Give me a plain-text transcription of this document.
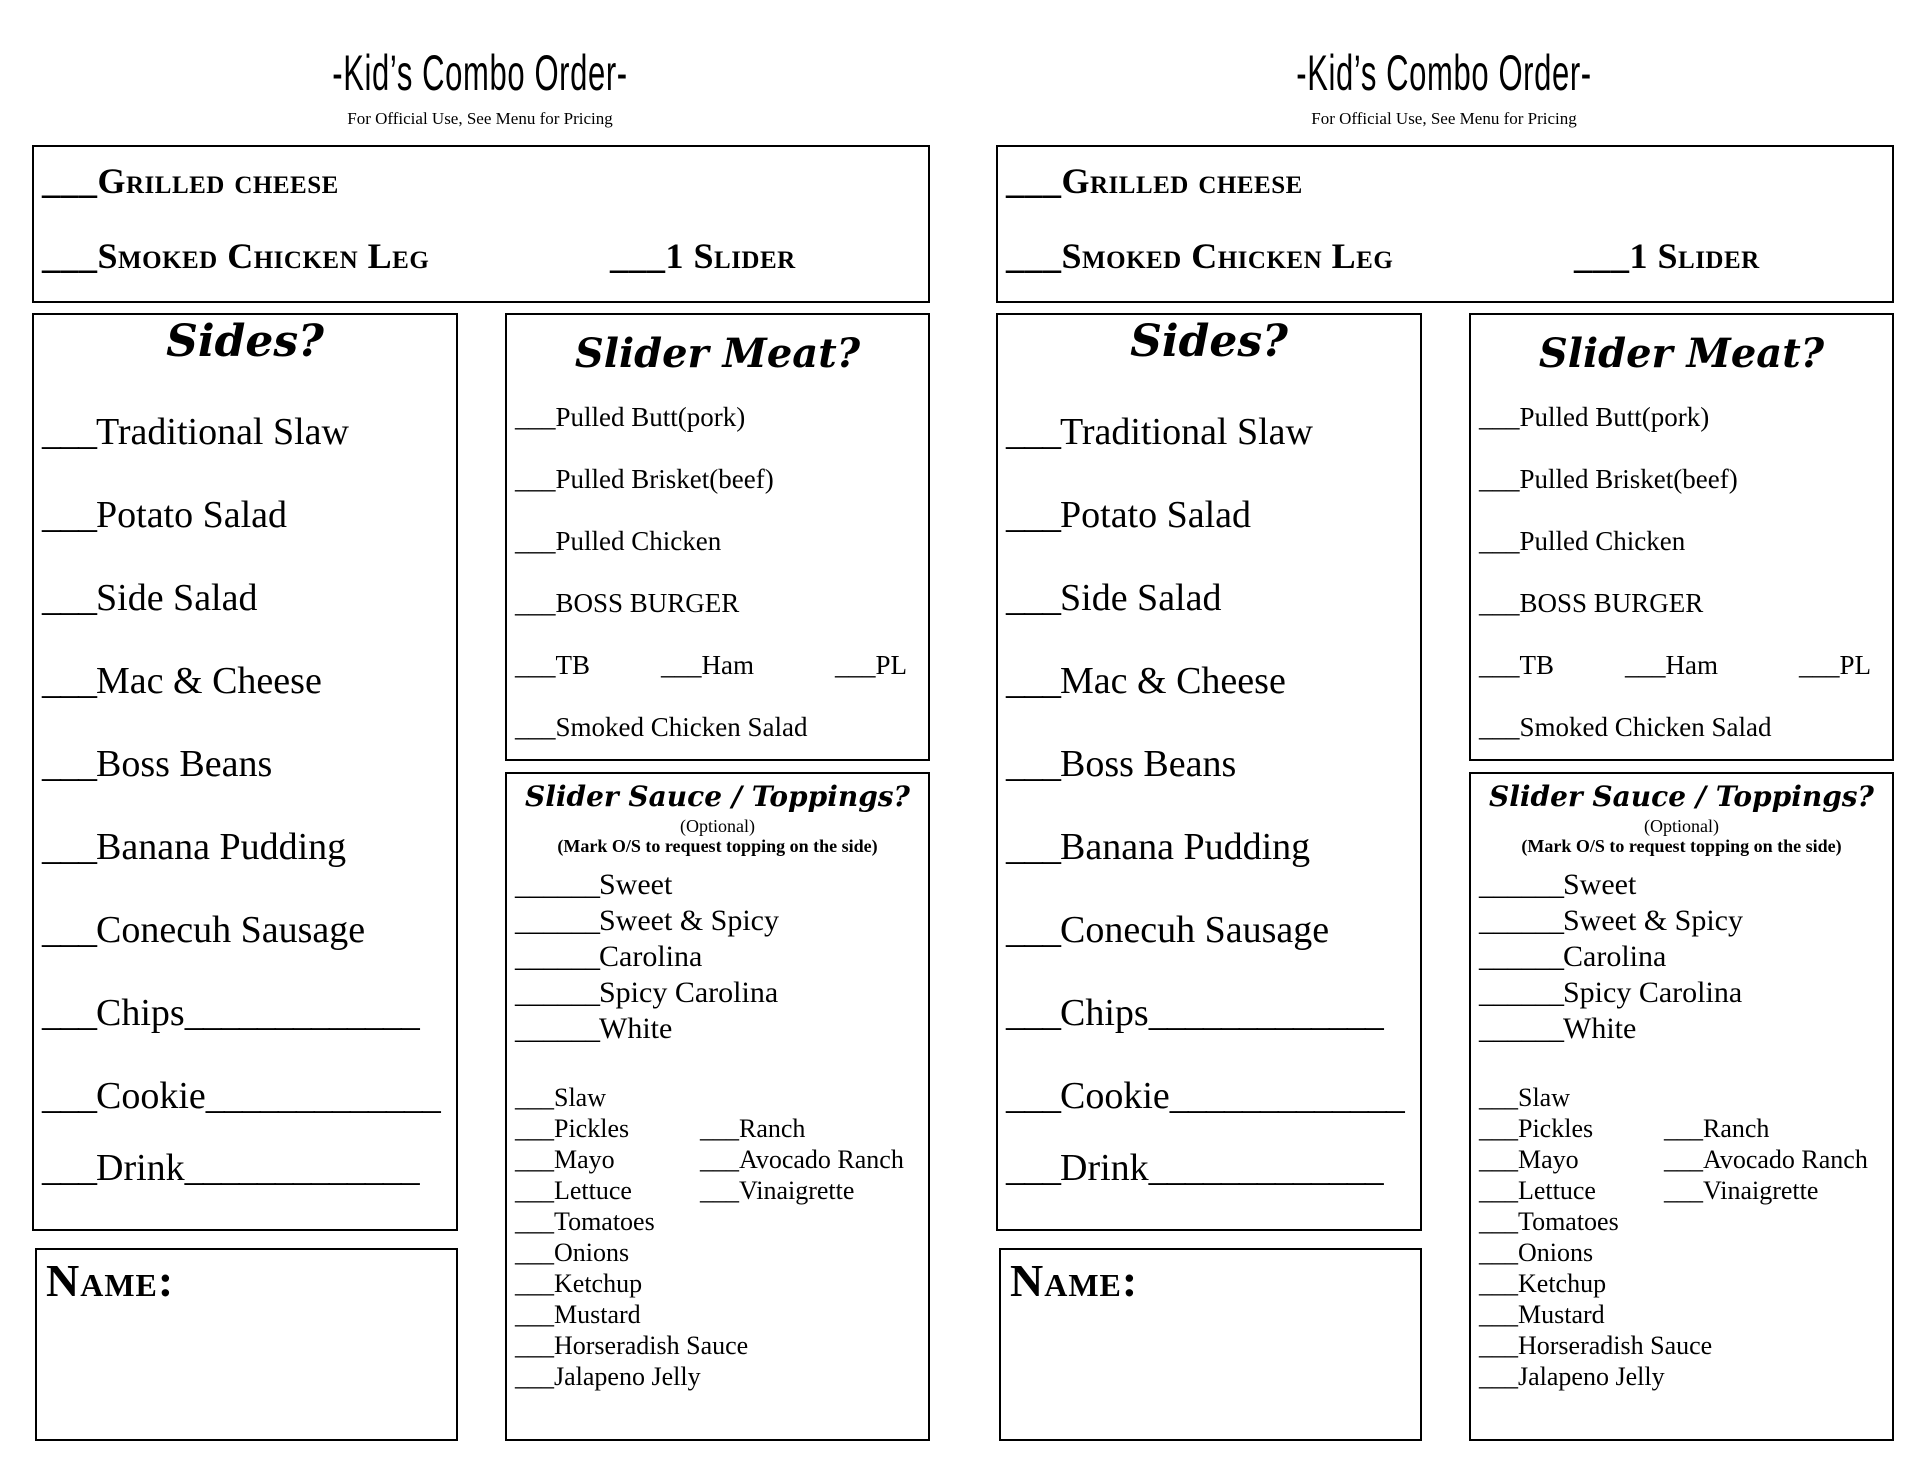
-Kid’s Combo Order-
For Official Use, See Menu for Pricing
___Grilled cheese
___Smoked Chicken Leg	___1 Slider
Sides?
___Traditional Slaw
___Potato Salad
___Side Salad
___Mac & Cheese
___Boss Beans
___Banana Pudding
___Conecuh Sausage
___Chips_____________
___Cookie_____________
___Drink_____________
Slider Meat?
___Pulled Butt(pork)
___Pulled Brisket(beef)
___Pulled Chicken
___BOSS BURGER
___TB	___Ham	___PL
___Smoked Chicken Salad
Slider Sauce / Toppings?
(Optional)
(Mark O/S to request topping on the side)
______Sweet
______Sweet & Spicy
______Carolina
______Spicy Carolina
______White
___Slaw
___Pickles
___Mayo
___Lettuce
___Tomatoes
___Onions
___Ketchup
___Mustard
___Horseradish Sauce
___Jalapeno Jelly
___Ranch
___Avocado Ranch
___Vinaigrette
Name:
-Kid’s Combo Order-
For Official Use, See Menu for Pricing
___Grilled cheese
___Smoked Chicken Leg	___1 Slider
Sides?
___Traditional Slaw
___Potato Salad
___Side Salad
___Mac & Cheese
___Boss Beans
___Banana Pudding
___Conecuh Sausage
___Chips_____________
___Cookie_____________
___Drink_____________
Slider Meat?
___Pulled Butt(pork)
___Pulled Brisket(beef)
___Pulled Chicken
___BOSS BURGER
___TB	___Ham	___PL
___Smoked Chicken Salad
Slider Sauce / Toppings?
(Optional)
(Mark O/S to request topping on the side)
______Sweet
______Sweet & Spicy
______Carolina
______Spicy Carolina
______White
___Slaw
___Pickles
___Mayo
___Lettuce
___Tomatoes
___Onions
___Ketchup
___Mustard
___Horseradish Sauce
___Jalapeno Jelly
___Ranch
___Avocado Ranch
___Vinaigrette
Name:
